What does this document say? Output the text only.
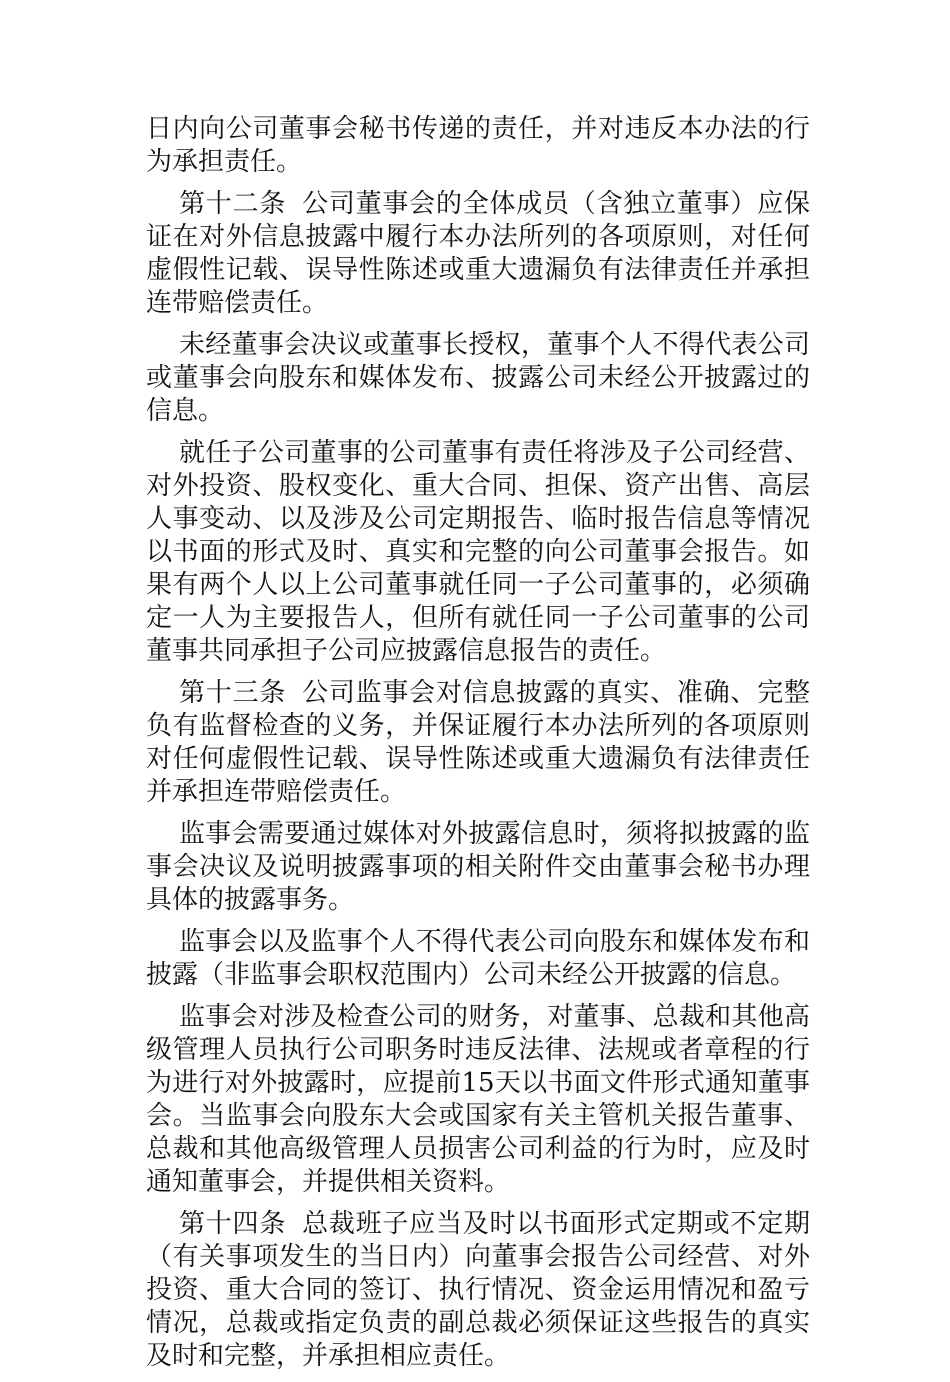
日内向公司董事会秘书传递的责任，并对违反本办法的行为承担责任。

第十二条 公司董事会的全体成员（含独立董事）应保证在对外信息披露中履行本办法所列的各项原则，对任何虚假性记载、误导性陈述或重大遗漏负有法律责任并承担连带赔偿责任。

未经董事会决议或董事长授权，董事个人不得代表公司或董事会向股东和媒体发布、披露公司未经公开披露过的信息。

就任子公司董事的公司董事有责任将涉及子公司经营、对外投资、股权变化、重大合同、担保、资产出售、高层人事变动、以及涉及公司定期报告、临时报告信息等情况以书面的形式及时、真实和完整的向公司董事会报告。如果有两个人以上公司董事就任同一子公司董事的，必须确定一人为主要报告人，但所有就任同一子公司董事的公司董事共同承担子公司应披露信息报告的责任。

第十三条 公司监事会对信息披露的真实、准确、完整负有监督检查的义务，并保证履行本办法所列的各项原则对任何虚假性记载、误导性陈述或重大遗漏负有法律责任并承担连带赔偿责任。

监事会需要通过媒体对外披露信息时，须将拟披露的监事会决议及说明披露事项的相关附件交由董事会秘书办理具体的披露事务。

监事会以及监事个人不得代表公司向股东和媒体发布和披露（非监事会职权范围内）公司未经公开披露的信息。

监事会对涉及检查公司的财务，对董事、总裁和其他高级管理人员执行公司职务时违反法律、法规或者章程的行为进行对外披露时，应提前15天以书面文件形式通知董事会。当监事会向股东大会或国家有关主管机关报告董事、总裁和其他高级管理人员损害公司利益的行为时，应及时通知董事会，并提供相关资料。

第十四条 总裁班子应当及时以书面形式定期或不定期（有关事项发生的当日内）向董事会报告公司经营、对外投资、重大合同的签订、执行情况、资金运用情况和盈亏情况，总裁或指定负责的副总裁必须保证这些报告的真实及时和完整，并承担相应责任。
